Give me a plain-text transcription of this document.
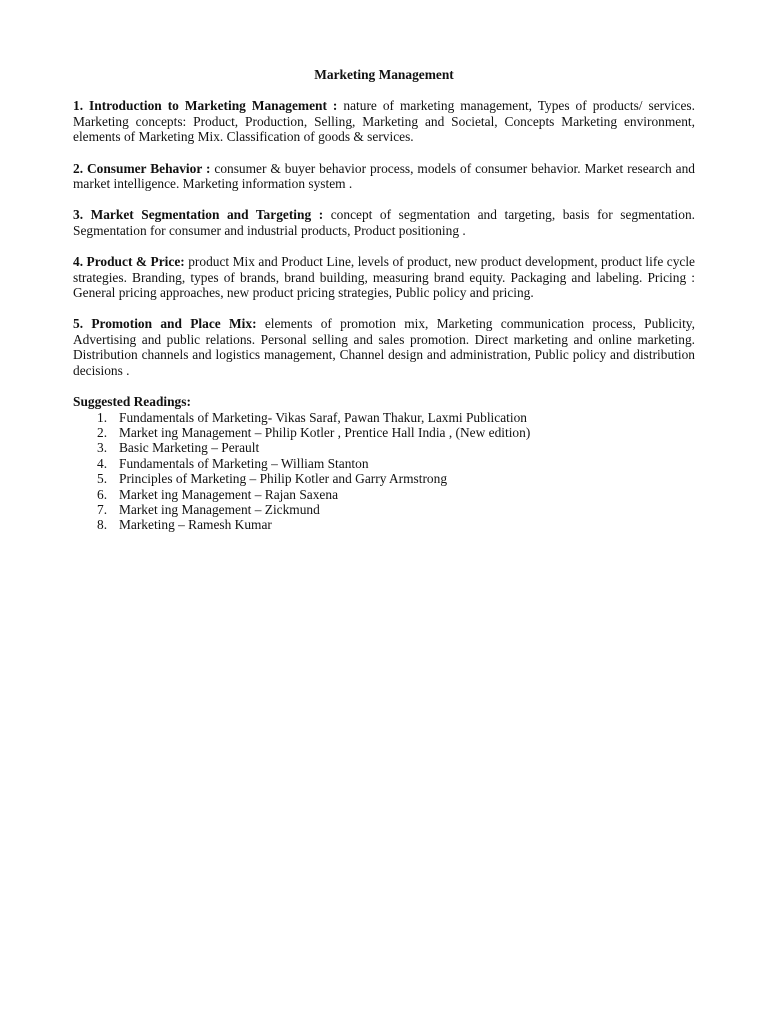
Marketing Management

1. Introduction to Marketing Management : nature of marketing management, Types of products/ services. Marketing concepts: Product, Production, Selling, Marketing and Societal, Concepts Marketing environment, elements of Marketing Mix. Classification of goods & services.

2. Consumer Behavior : consumer & buyer behavior process, models of consumer behavior. Market research and market intelligence. Marketing information system .

3. Market Segmentation and Targeting : concept of segmentation and targeting, basis for segmentation. Segmentation for consumer and industrial products, Product positioning .

4. Product & Price: product Mix and Product Line, levels of product, new product development, product life cycle strategies. Branding, types of brands, brand building, measuring brand equity. Packaging and labeling. Pricing : General pricing approaches, new product pricing strategies, Public policy and pricing.

5. Promotion and Place Mix: elements of promotion mix, Marketing communication process, Publicity, Advertising and public relations. Personal selling and sales promotion. Direct marketing and online marketing. Distribution channels and logistics management, Channel design and administration, Public policy and distribution decisions .

Suggested Readings:
1. Fundamentals of Marketing- Vikas Saraf, Pawan Thakur, Laxmi Publication
2. Market ing Management – Philip Kotler , Prentice Hall India , (New edition)
3. Basic Marketing – Perault
4. Fundamentals of Marketing – William Stanton
5. Principles of Marketing – Philip Kotler and Garry Armstrong
6. Market ing Management – Rajan Saxena
7. Market ing Management – Zickmund
8. Marketing – Ramesh Kumar
